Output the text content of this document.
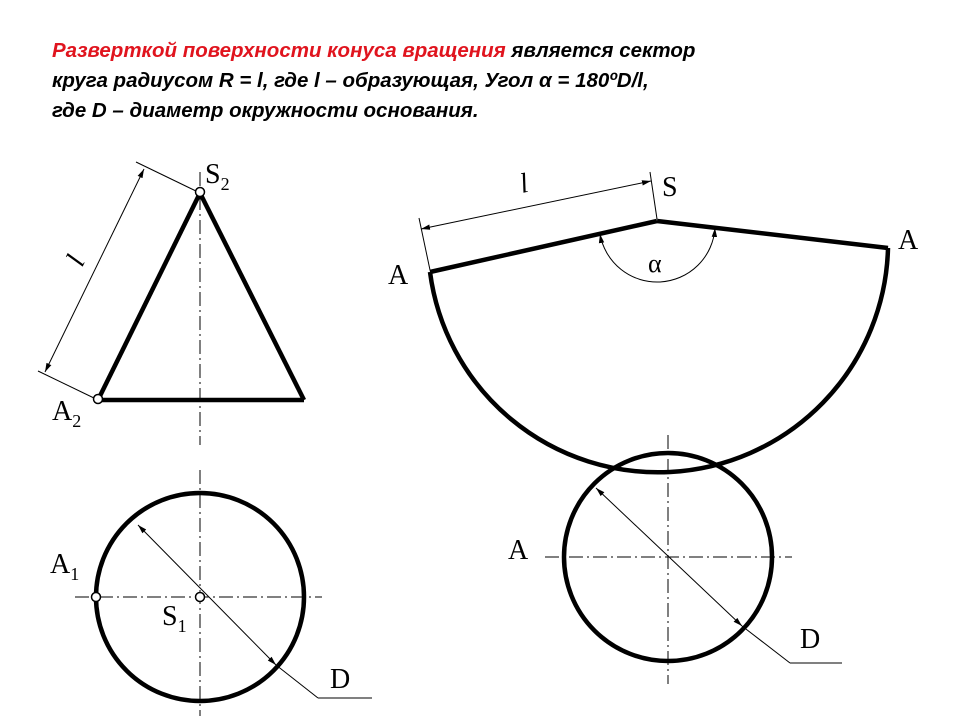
Разверткой поверхности конуса вращения является сектор
круга радиусом R = l, где l – образующая, Угол α = 180ºD/l,
где D – диаметр окружности основания.

$S_2$
$A_2$
l
$A_1$
$S_1$
D
S
A
A
l
α
A
D
